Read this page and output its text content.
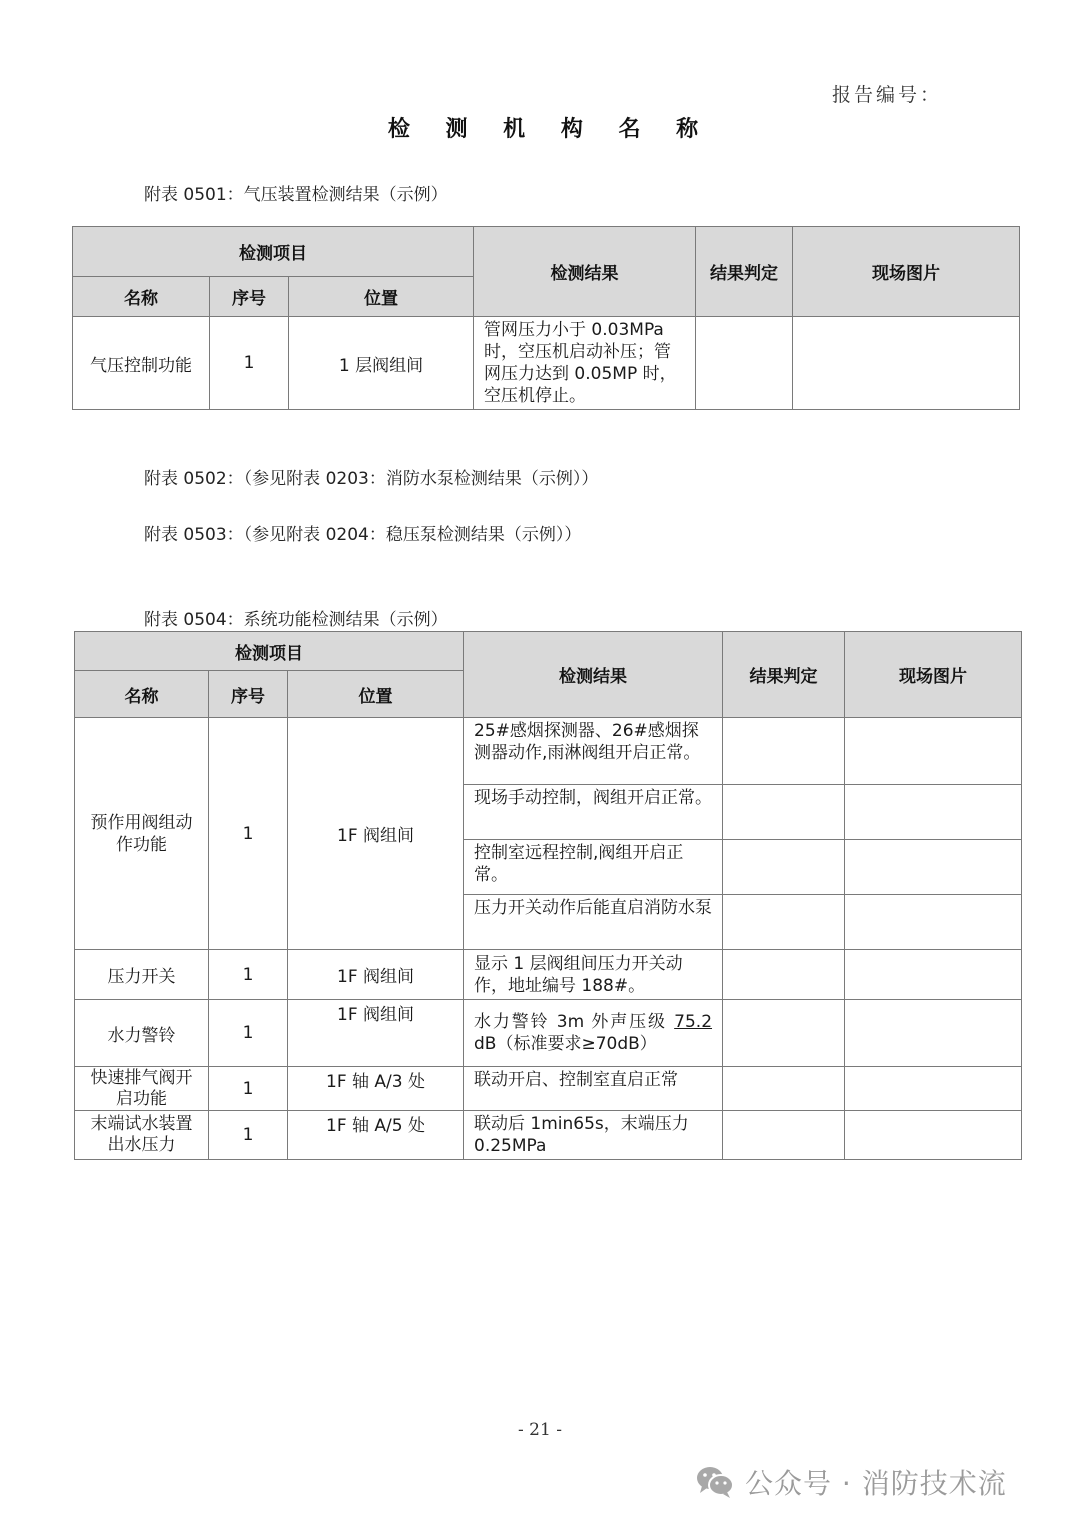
报告编号：
检 测 机 构 名 称
附表 0501：气压装置检测结果（示例）
检测项目			检测结果	结果判定	现场图片
名称	序号	位置			
气压控制功能	1	1 层阀组间	管网压力小于 0.03MPa 时，空压机启动补压；管网压力达到 0.05MP 时，空压机停止。		
附表 0502：（参见附表 0203：消防水泵检测结果（示例））
附表 0503：（参见附表 0204：稳压泵检测结果（示例））
附表 0504：系统功能检测结果（示例）
检测项目			检测结果	结果判定	现场图片
名称	序号	位置			
预作用阀组动作功能	1	1F 阀组间	25#感烟探测器、26#感烟探测器动作,雨淋阀组开启正常。		
			现场手动控制，阀组开启正常。		
			控制室远程控制,阀组开启正常。		
			压力开关动作后能直启消防水泵		
压力开关	1	1F 阀组间	显示 1 层阀组间压力开关动作，地址编号 188#。		
水力警铃	1	1F 阀组间	水力警铃 3m 外声压级 75.2 dB（标准要求≥70dB）		
快速排气阀开启功能	1	1F 轴 A/3 处	联动开启、控制室直启正常		
末端试水装置出水压力	1	1F 轴 A/5 处	联动后 1min65s，末端压力 0.25MPa		
- 21 -
公众号 · 消防技术流
